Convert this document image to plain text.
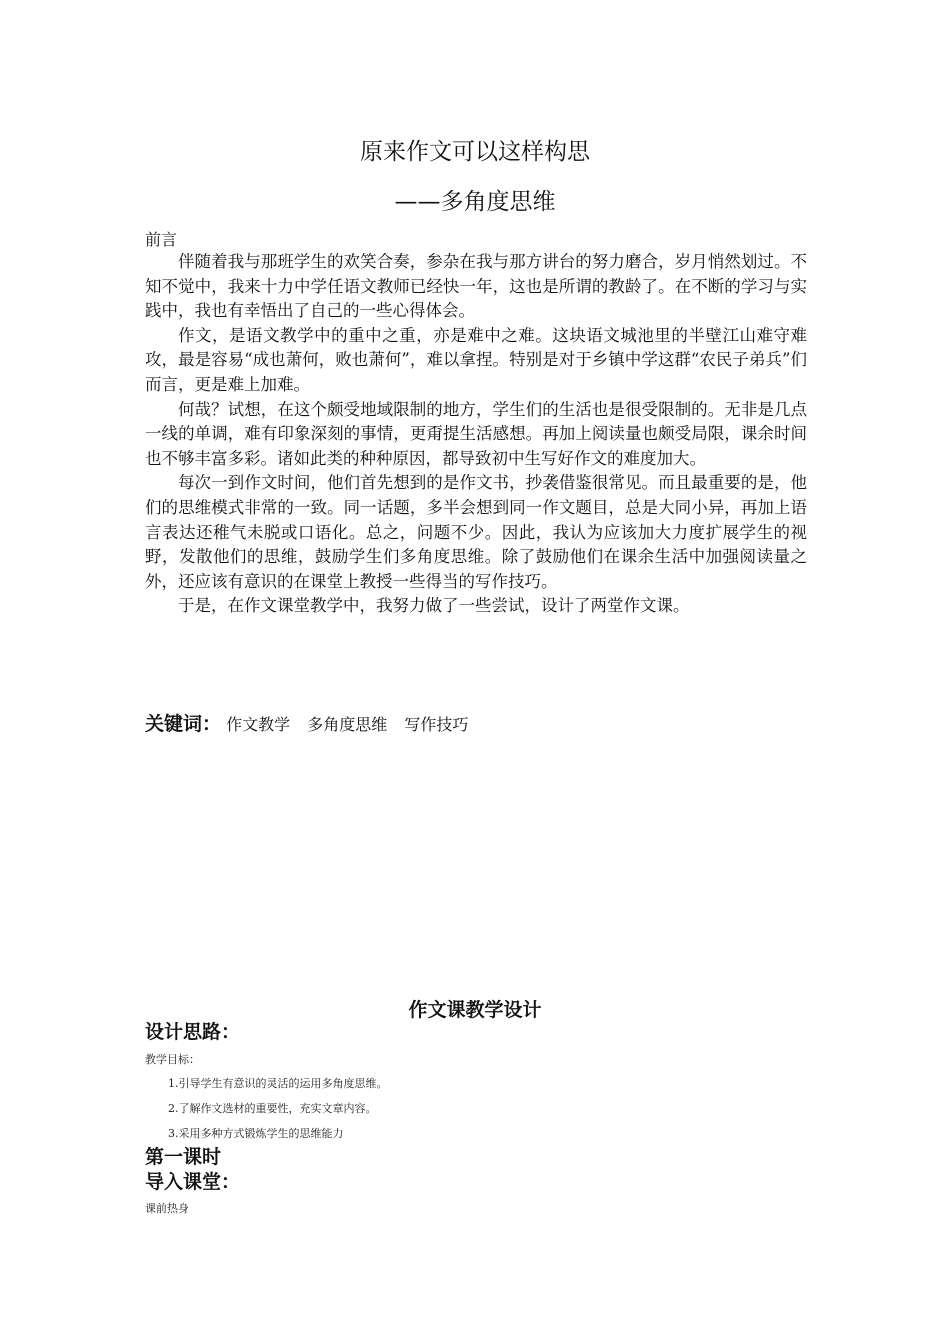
原来作文可以这样构思
——多角度思维
前言

伴随着我与那班学生的欢笑合奏，参杂在我与那方讲台的努力磨合，岁月悄然划过。不知不觉中，我来十力中学任语文教师已经快一年，这也是所谓的教龄了。在不断的学习与实践中，我也有幸悟出了自己的一些心得体会。

作文，是语文教学中的重中之重，亦是难中之难。这块语文城池里的半壁江山难守难攻，最是容易“成也萧何，败也萧何”，难以拿捏。特别是对于乡镇中学这群“农民子弟兵”们而言，更是难上加难。

何哉？试想，在这个颇受地域限制的地方，学生们的生活也是很受限制的。无非是几点一线的单调，难有印象深刻的事情，更甭提生活感想。再加上阅读量也颇受局限，课余时间也不够丰富多彩。诸如此类的种种原因，都导致初中生写好作文的难度加大。

每次一到作文时间，他们首先想到的是作文书，抄袭借鉴很常见。而且最重要的是，他们的思维模式非常的一致。同一话题，多半会想到同一作文题目，总是大同小异，再加上语言表达还稚气未脱或口语化。总之，问题不少。因此，我认为应该加大力度扩展学生的视野，发散他们的思维，鼓励学生们多角度思维。除了鼓励他们在课余生活中加强阅读量之外，还应该有意识的在课堂上教授一些得当的写作技巧。

于是，在作文课堂教学中，我努力做了一些尝试，设计了两堂作文课。

关键词： 作文教学 多角度思维 写作技巧
作文课教学设计
设计思路：
教学目标：
1.引导学生有意识的灵活的运用多角度思维。
2.了解作文选材的重要性，充实文章内容。
3.采用多种方式锻炼学生的思维能力
第一课时
导入课堂：
课前热身
